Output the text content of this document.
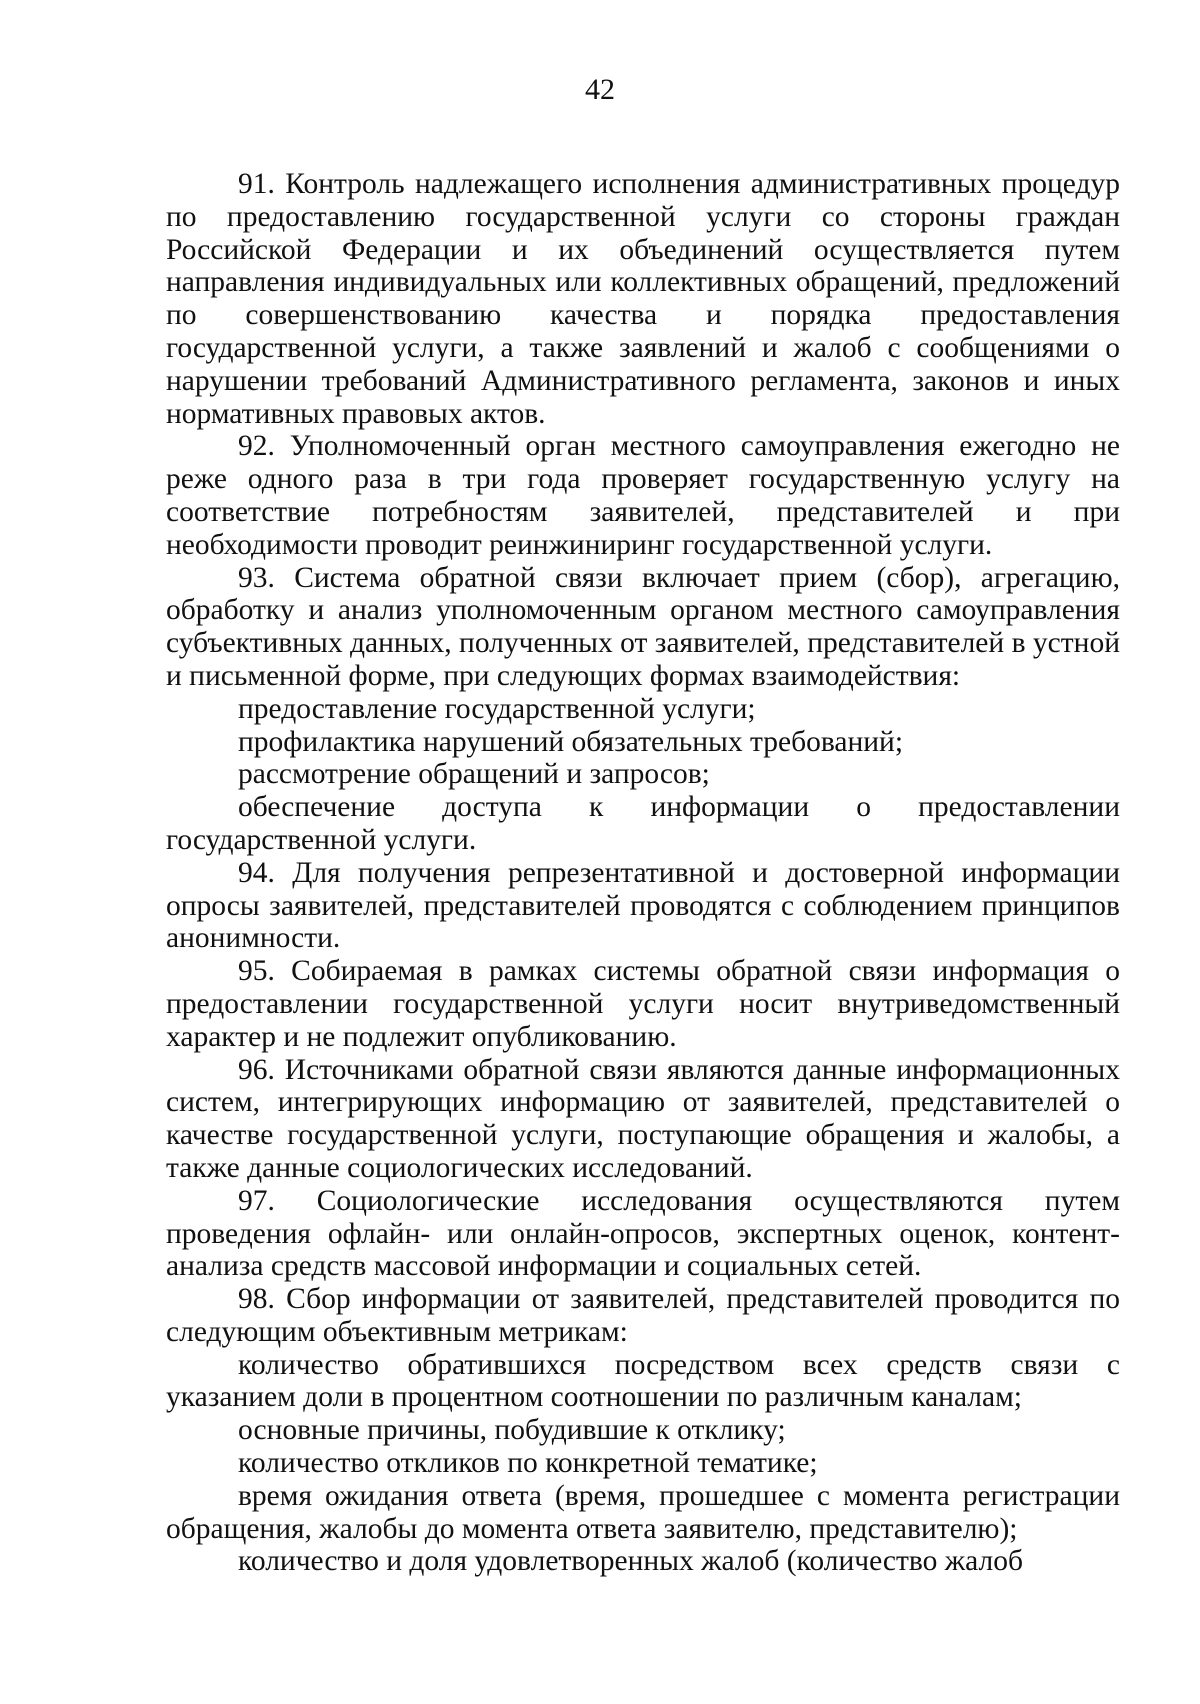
42

91. Контроль надлежащего исполнения административных процедур по предоставлению государственной услуги со стороны граждан Российской Федерации и их объединений осуществляется путем направления индивидуальных или коллективных обращений, предложений по совершенствованию качества и порядка предоставления государственной услуги, а также заявлений и жалоб с сообщениями о нарушении требований Административного регламента, законов и иных нормативных правовых актов.

92. Уполномоченный орган местного самоуправления ежегодно не реже одного раза в три года проверяет государственную услугу на соответствие потребностям заявителей, представителей и при необходимости проводит реинжиниринг государственной услуги.

93. Система обратной связи включает прием (сбор), агрегацию, обработку и анализ уполномоченным органом местного самоуправления субъективных данных, полученных от заявителей, представителей в устной и письменной форме, при следующих формах взаимодействия:

предоставление государственной услуги;

профилактика нарушений обязательных требований;

рассмотрение обращений и запросов;

обеспечение доступа к информации о предоставлении государственной услуги.

94. Для получения репрезентативной и достоверной информации опросы заявителей, представителей проводятся с соблюдением принципов анонимности.

95. Собираемая в рамках системы обратной связи информация о предоставлении государственной услуги носит внутриведомственный характер и не подлежит опубликованию.

96. Источниками обратной связи являются данные информационных систем, интегрирующих информацию от заявителей, представителей о качестве государственной услуги, поступающие обращения и жалобы, а также данные социологических исследований.

97. Социологические исследования осуществляются путем проведения офлайн- или онлайн-опросов, экспертных оценок, контент-анализа средств массовой информации и социальных сетей.

98. Сбор информации от заявителей, представителей проводится по следующим объективным метрикам:

количество обратившихся посредством всех средств связи с указанием доли в процентном соотношении по различным каналам;

основные причины, побудившие к отклику;

количество откликов по конкретной тематике;

время ожидания ответа (время, прошедшее с момента регистрации обращения, жалобы до момента ответа заявителю, представителю);

количество и доля удовлетворенных жалоб (количество жалоб
